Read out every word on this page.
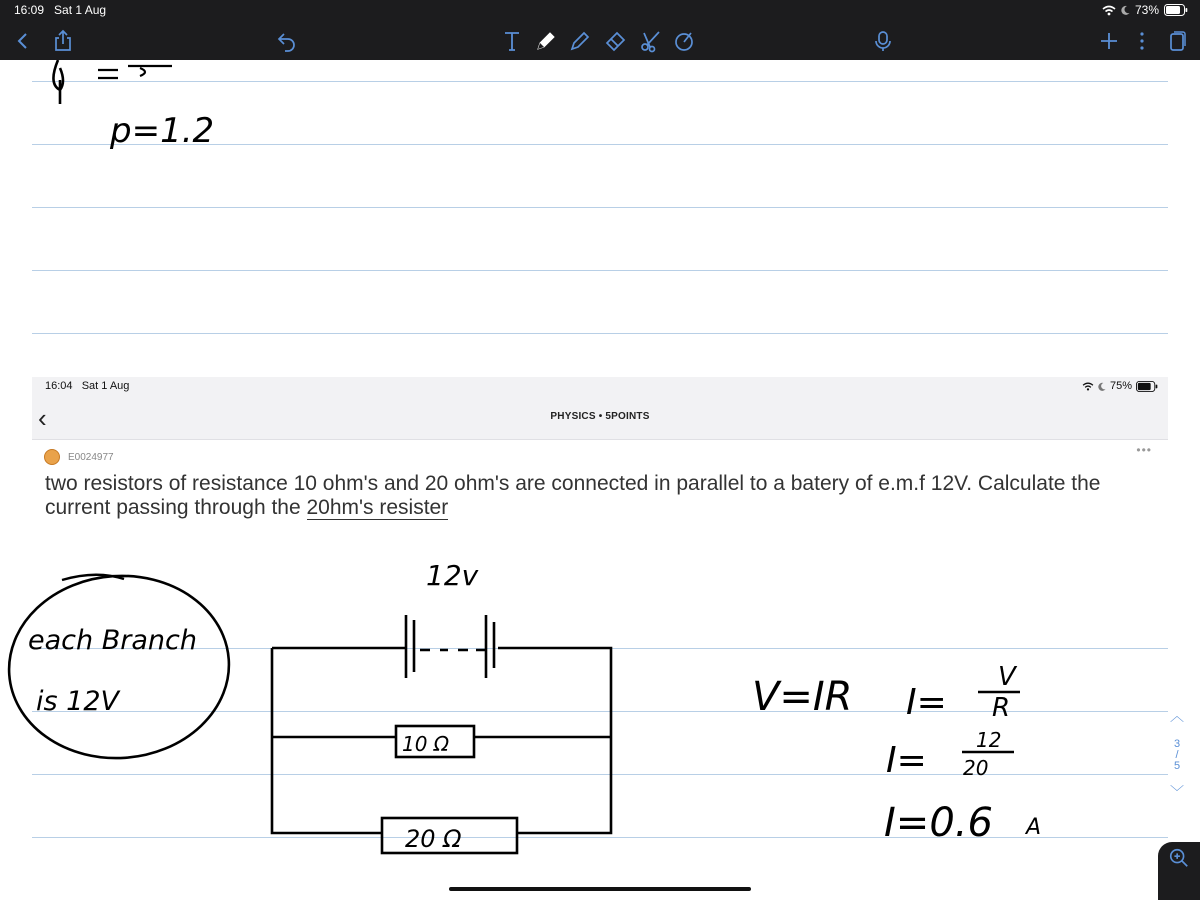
16:09 Sat 1 Aug	73%
16:04 Sat 1 Aug	75%
‹	PHYSICS • 5POINTS
E0024977	•••
two resistors of resistance 10 ohm's and 20 ohm's are connected in parallel to a batery of e.m.f 12V. Calculate the current passing through the 20hm's resister
p=1.2
each Branch
is 12V
12v
10 Ω
20 Ω
V=IR I=
V
R
I= 12
20
I=0.6 A
︿
3
/
5
﹀
